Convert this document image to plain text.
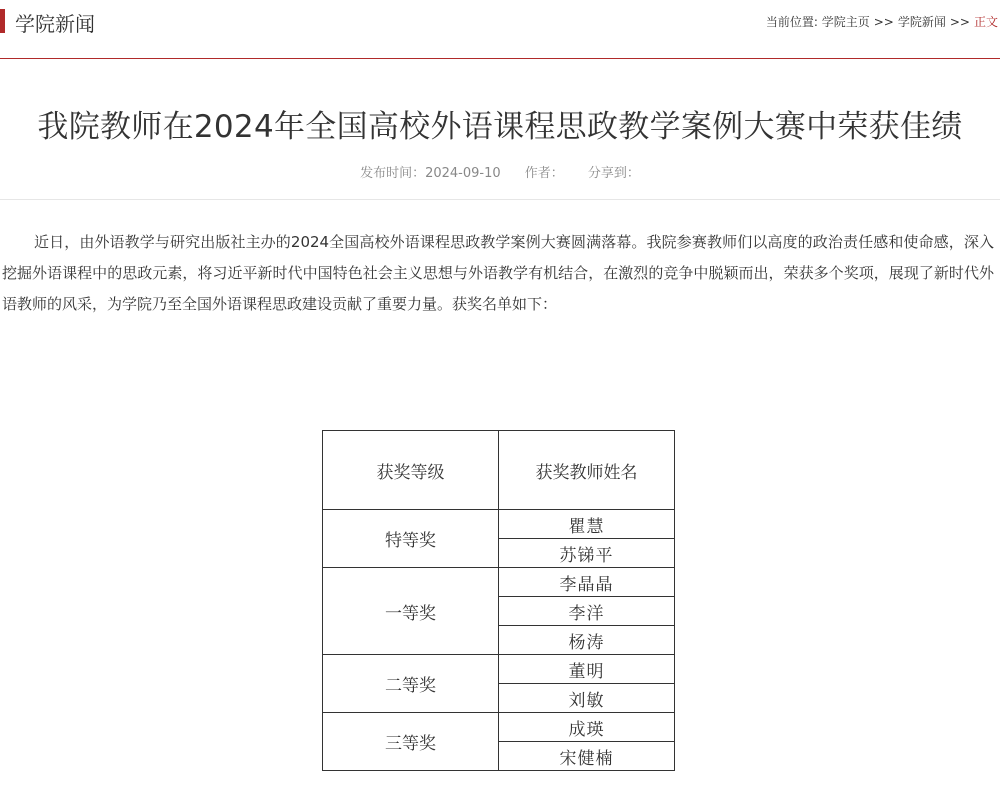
学院新闻	当前位置: 学院主页 >> 学院新闻 >> 正文
我院教师在2024年全国高校外语课程思政教学案例大赛中荣获佳绩
发布时间：2024-09-10 作者： 分享到：

近日，由外语教学与研究出版社主办的2024全国高校外语课程思政教学案例大赛圆满落幕。我院参赛教师们以高度的政治责任感和使命感，深入挖掘外语课程中的思政元素，将习近平新时代中国特色社会主义思想与外语教学有机结合，在激烈的竞争中脱颖而出，荣获多个奖项，展现了新时代外语教师的风采，为学院乃至全国外语课程思政建设贡献了重要力量。获奖名单如下：

获奖等级	获奖教师姓名
特等奖	瞿慧
	苏锑平
一等奖	李晶晶
	李洋
	杨涛
二等奖	董明
	刘敏
三等奖	成瑛
	宋健楠
